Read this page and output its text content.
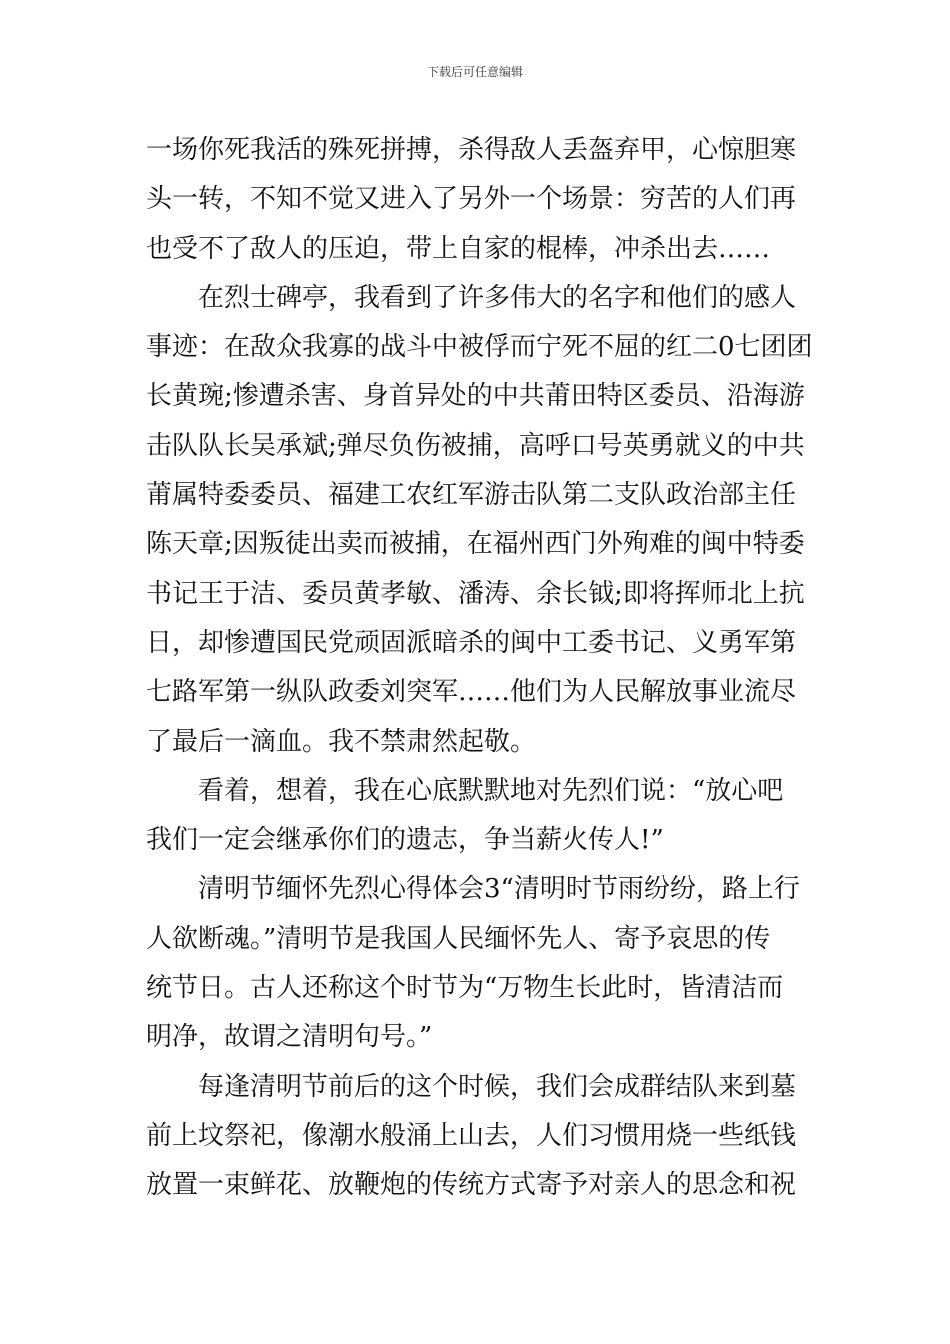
下载后可任意编辑
一场你死我活的殊死拼搏，杀得敌人丢盔弃甲，心惊胆寒
头一转，不知不觉又进入了另外一个场景：穷苦的人们再
也受不了敌人的压迫，带上自家的棍棒，冲杀出去……
在烈士碑亭，我看到了许多伟大的名字和他们的感人
事迹：在敌众我寡的战斗中被俘而宁死不屈的红二0七团团
长黄琬;惨遭杀害、身首异处的中共莆田特区委员、沿海游
击队队长吴承斌;弹尽负伤被捕，高呼口号英勇就义的中共
莆属特委委员、福建工农红军游击队第二支队政治部主任
陈天章;因叛徒出卖而被捕，在福州西门外殉难的闽中特委
书记王于洁、委员黄孝敏、潘涛、余长钺;即将挥师北上抗
日，却惨遭国民党顽固派暗杀的闽中工委书记、义勇军第
七路军第一纵队政委刘突军……他们为人民解放事业流尽
了最后一滴血。我不禁肃然起敬。
看着，想着，我在心底默默地对先烈们说：“放心吧
我们一定会继承你们的遗志，争当薪火传人!”
清明节缅怀先烈心得体会3“清明时节雨纷纷，路上行
人欲断魂。”清明节是我国人民缅怀先人、寄予哀思的传
统节日。古人还称这个时节为“万物生长此时，皆清洁而
明净，故谓之清明句号。”
每逢清明节前后的这个时候，我们会成群结队来到墓
前上坟祭祀，像潮水般涌上山去，人们习惯用烧一些纸钱
放置一束鲜花、放鞭炮的传统方式寄予对亲人的思念和祝
